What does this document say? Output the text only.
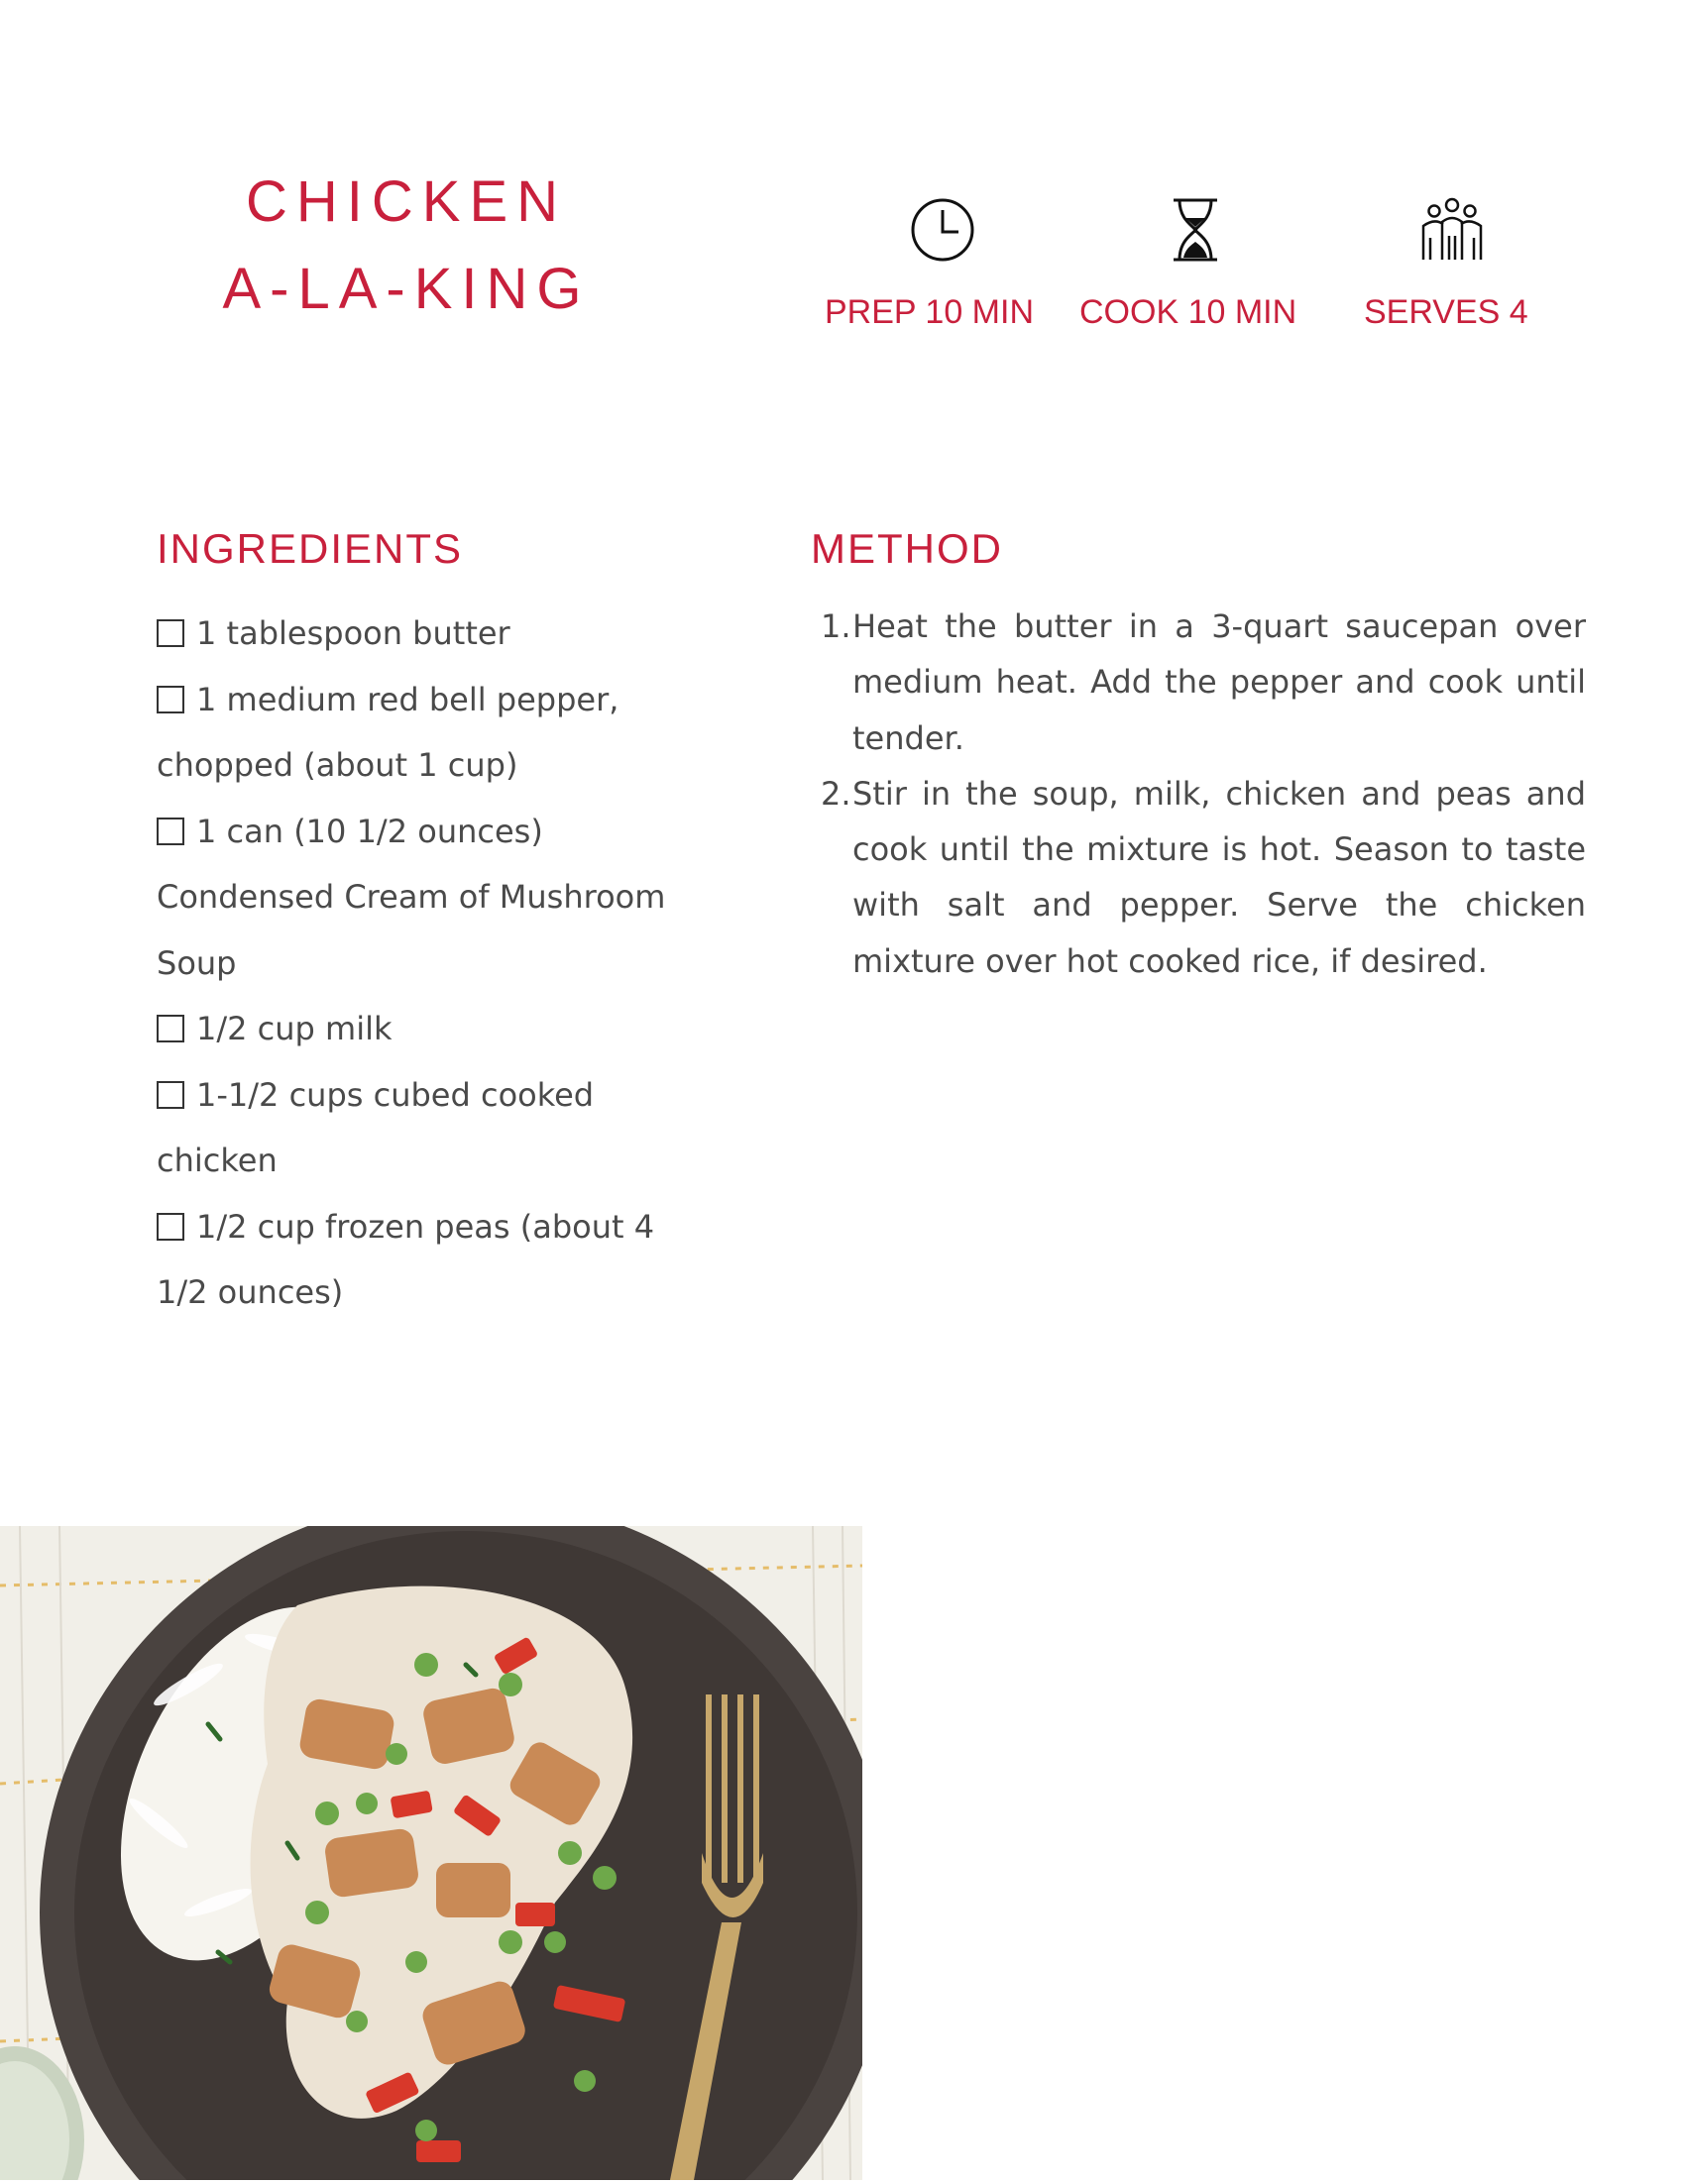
CHICKEN
A-LA-KING	PREP 10 MIN COOK 10 MIN SERVES 4
INGREDIENTS
1 tablespoon butter
1 medium red bell pepper, chopped (about 1 cup)
1 can (10 1/2 ounces) Condensed Cream of Mushroom Soup
1/2 cup milk
1-1/2 cups cubed cooked chicken
1/2 cup frozen peas (about 4 1/2 ounces)
METHOD
1. Heat the butter in a 3-quart saucepan over medium heat. Add the pepper and cook until tender.
2. Stir in the soup, milk, chicken and peas and cook until the mixture is hot. Season to taste with salt and pepper. Serve the chicken mixture over hot cooked rice, if desired.
